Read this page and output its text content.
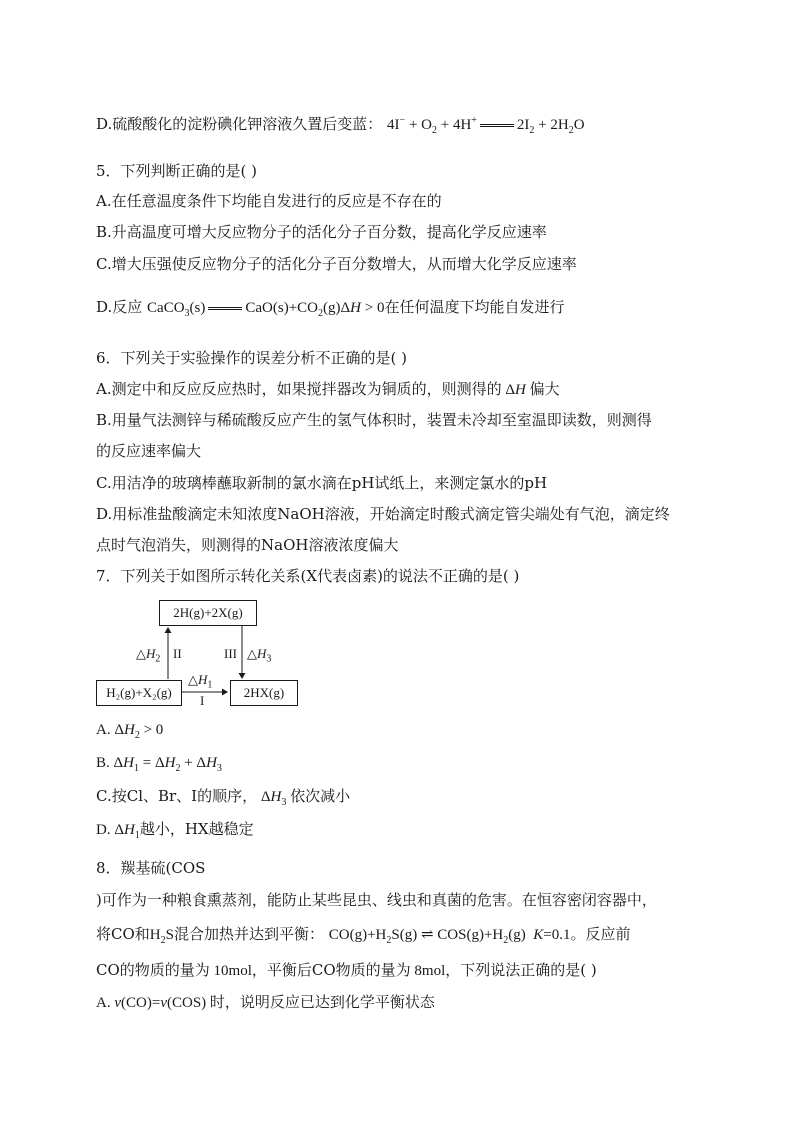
D.硫酸酸化的淀粉碘化钾溶液久置后变蓝： $4I^- + O_2 + 4H^+$	$2I_2 + 2H_2O$
5．下列判断正确的是( )
A.在任意温度条件下均能自发进行的反应是不存在的
B.升高温度可增大反应物分子的活化分子百分数，提高化学反应速率
C.增大压强使反应物分子的活化分子百分数增大，从而增大化学反应速率
D.反应 CaCO$_3$(s)	$CaO(s)+CO_2(g)\Delta H > 0$在任何温度下均能自发进行
6．下列关于实验操作的误差分析不正确的是( )
A.测定中和反应反应热时，如果搅拌器改为铜质的，则测得的 ΔH 偏大
B.用量气法测锌与稀硫酸反应产生的氢气体积时，装置未冷却至室温即读数，则测得
的反应速率偏大
C.用洁净的玻璃棒蘸取新制的氯水滴在pH试纸上，来测定氯水的pH
D.用标准盐酸滴定未知浓度NaOH溶液，开始滴定时酸式滴定管尖端处有气泡，滴定终
点时气泡消失，则测得的NaOH溶液浓度偏大
7．下列关于如图所示转化关系(X代表卤素)的说法不正确的是( )
2H(g)+2X(g)
H₂(g)+X₂(g)	2HX(g)
$\triangle H_2$ II	III $\triangle H_3$
$\triangle H_1$
I
A. $\Delta H_2 > 0$
B. $\Delta H_1 = \Delta H_2 + \Delta H_3$
C.按Cl、Br、I的顺序， $\Delta H_3$ 依次减小
D. $\Delta H_1$越小，HX越稳定
8．羰基硫(COS
)可作为一种粮食熏蒸剂，能防止某些昆虫、线虫和真菌的危害。在恒容密闭容器中，
将CO和$H_2S$混合加热并达到平衡： $CO(g)+H_2S(g)$ ⇌ $COS(g)+H_2(g)$  K=0.1。反应前
CO的物质的量为 10mol，平衡后CO物质的量为 8mol，下列说法正确的是( )
A. v(CO)=v(COS) 时，说明反应已达到化学平衡状态
